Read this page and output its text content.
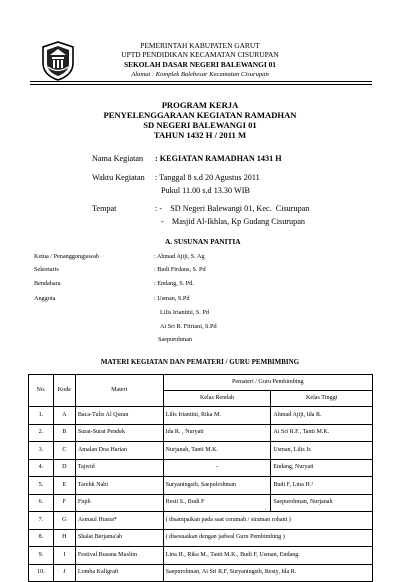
PEMERINTAH KABUPATEN GARUT
UPTD PENDIDIKAN KECAMATAN CISURUPAN
SEKOLAH DASAR NEGERI BALEWANGI 01
Alamat : Komplek Balebesar Kecamatan Cisurupan
PROGRAM KERJA
PENYELENGGARAAN KEGIATAN RAMADHAN
SD NEGERI BALEWANGI 01
TAHUN 1432 H / 2011 M
Nama Kegiatan : KEGIATAN RAMADHAN 1431 H
Waktu Kegiatan : Tanggal 8 s.d 20 Agustus 2011
Pukul 11.00 s.d 13.30 WIB
Tempat	: -    SD Negeri Balewangi 01, Kec.  Cisurupan
-    Masjid Al-Ikhlas, Kp Gudang Cisurupan
A. SUSUNAN PANITIA
Ketua / Penanggungjawab	: Ahmad Ajiji, S. Ag
Sekretaris	: Budi Firdaus, S. Pd
Bendahara	: Endang, S. Pd.
Anggota	: Usman, S.Pd
Lilis Iriantini, S. Pd
Ai Sri R. Fitriani, S.Pd
Saepurohman
MATERI KEGIATAN DAN PEMATERI / GURU PEMBIMBING
No.	Kode	Materi	Pemateri / Guru Pembimbing	
			Kelas Rendah	Kelas Tinggi
1.	A	Baca-Tulis Al Quran	Lilis Iriantini, Rika M.	Ahmad Ajiji, Ida R.
2.	B	Surat-Surat Pendek	Ida R. , Nuryati	Ai Sri R.F., Tanti M.K.
3.	C	Amalan Doa Harian	Nurjanah, Tanti M.K.	Usman, Lilis Ir.
4.	D	Tajwid	-	Endang, Nuryati
5.	E	Tarehk Nabi	Suryaningsih, Saepulrohman	Budi F, Lina H.¹
6.	F	Fiqih	Resti S., Budi F	Saepurohman, Nurjanah
7.	G	Asmaul Husna*	( disampaikan pada saat ceramah / siraman rohani )	
8.	H	Shalat Berjama'ah	( disesuaikan dengan jadwal Guru Pembimbing )	
9.	I	Festival Busana Muslim	Lina H., Rika M., Tanti M.K., Budi F, Usman, Endang.	
10.	J	Lomba Kaligrafi	Saepurohman, Ai Sri R.F, Suryaningsih, Resty, Ida R.	
